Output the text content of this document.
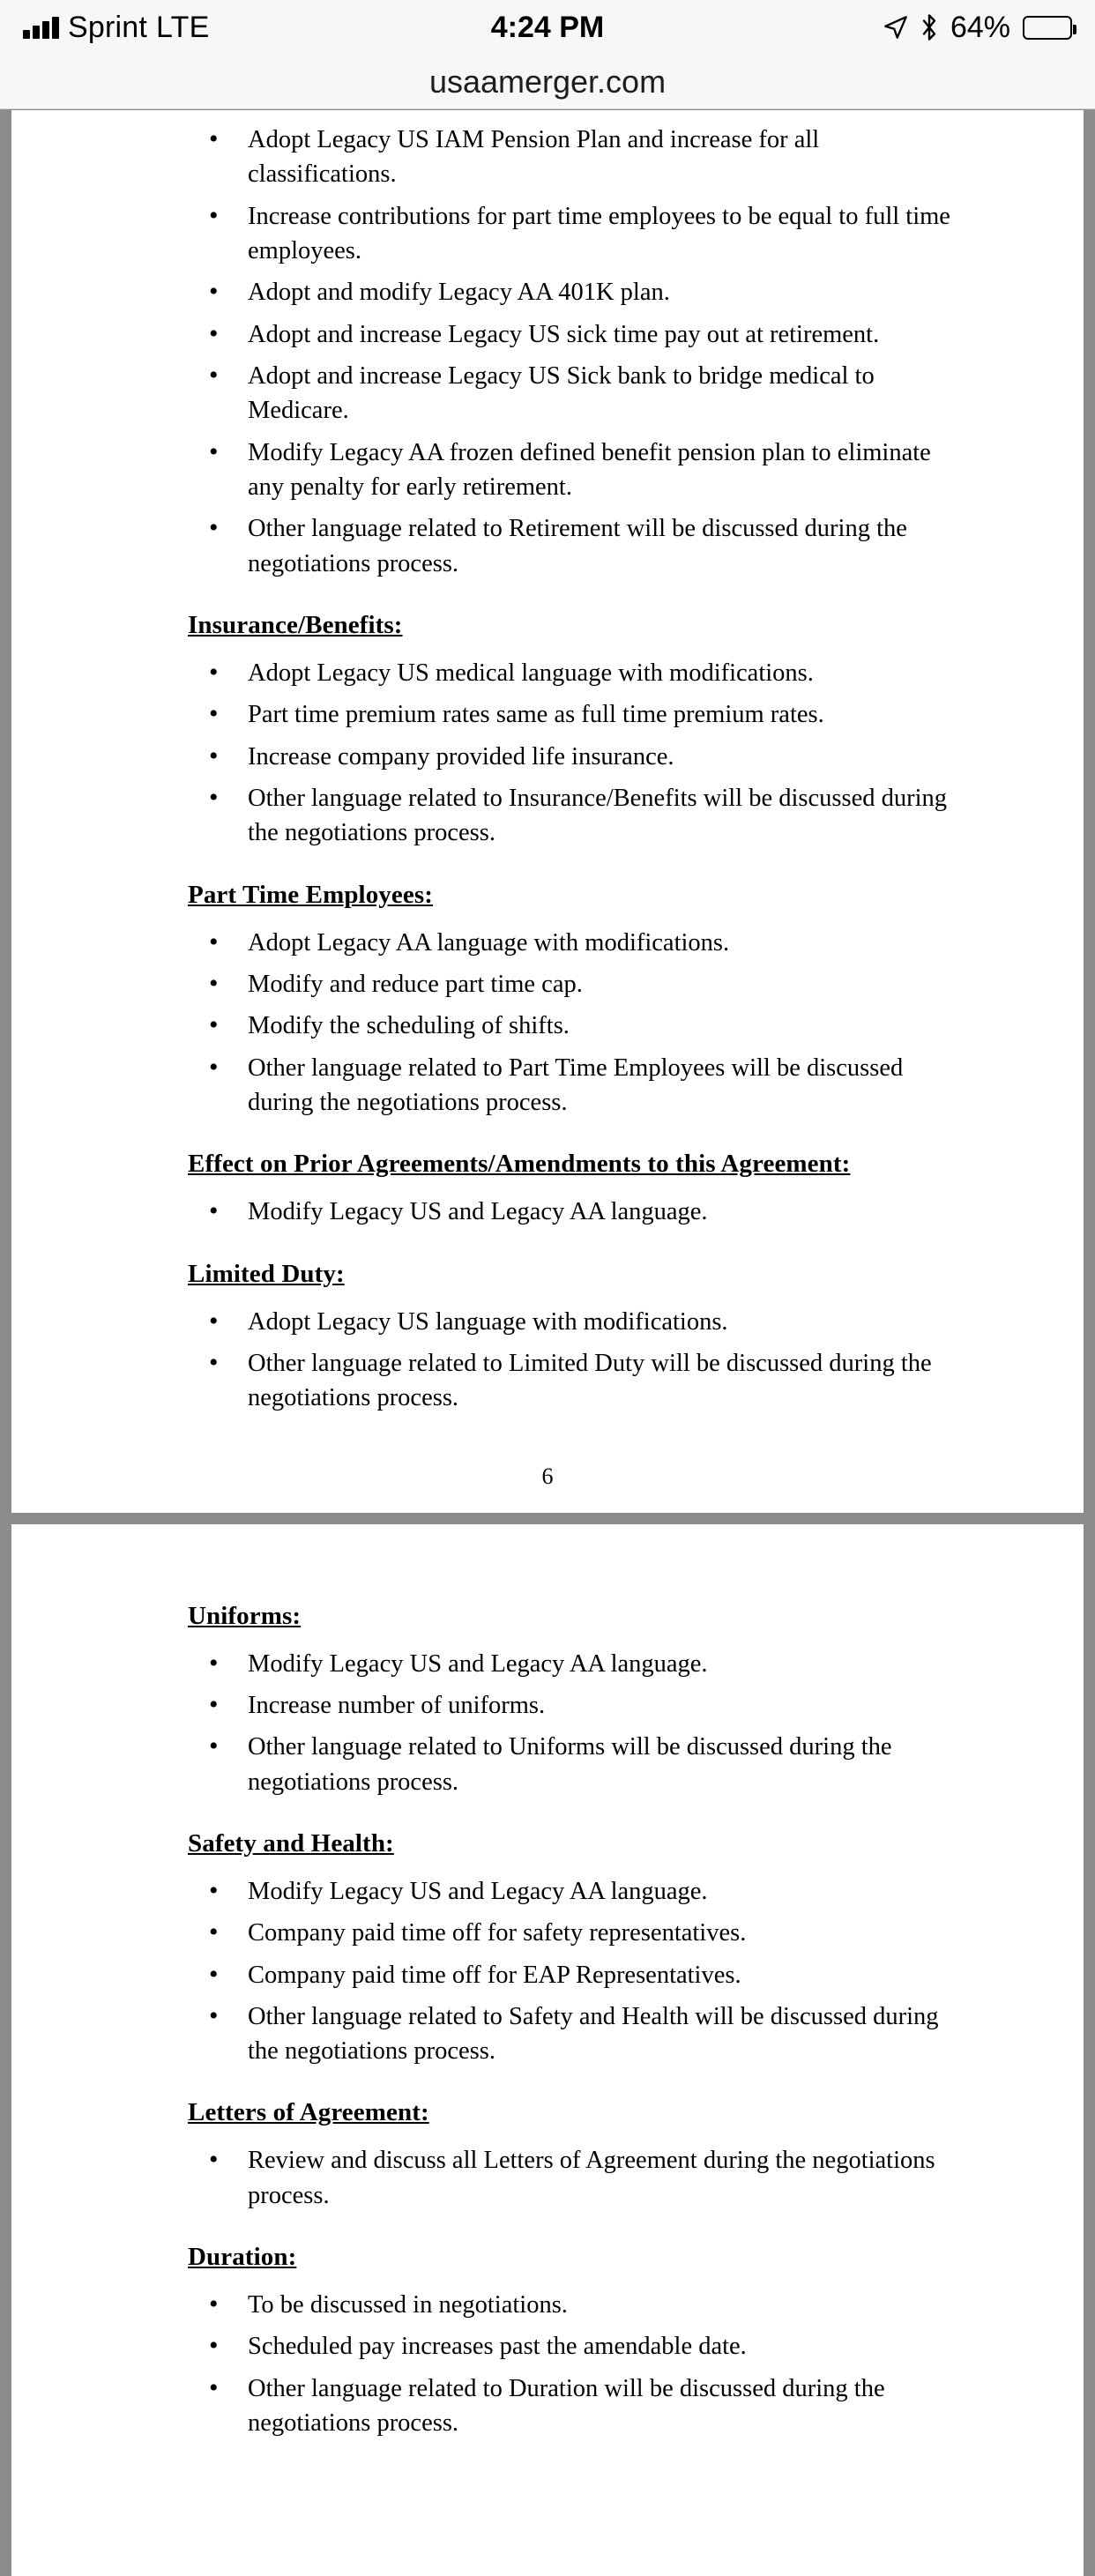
Sprint LTE	4:24 PM	64%
usaamerger.com
• Adopt Legacy US IAM Pension Plan and increase for all classifications.
• Increase contributions for part time employees to be equal to full time employees.
• Adopt and modify Legacy AA 401K plan.
• Adopt and increase Legacy US sick time pay out at retirement.
• Adopt and increase Legacy US Sick bank to bridge medical to Medicare.
• Modify Legacy AA frozen defined benefit pension plan to eliminate any penalty for early retirement.
• Other language related to Retirement will be discussed during the negotiations process.
Insurance/Benefits:
• Adopt Legacy US medical language with modifications.
• Part time premium rates same as full time premium rates.
• Increase company provided life insurance.
• Other language related to Insurance/Benefits will be discussed during the negotiations process.
Part Time Employees:
• Adopt Legacy AA language with modifications.
• Modify and reduce part time cap.
• Modify the scheduling of shifts.
• Other language related to Part Time Employees will be discussed during the negotiations process.
Effect on Prior Agreements/Amendments to this Agreement:
• Modify Legacy US and Legacy AA language.
Limited Duty:
• Adopt Legacy US language with modifications.
• Other language related to Limited Duty will be discussed during the negotiations process.
6
Uniforms:
• Modify Legacy US and Legacy AA language.
• Increase number of uniforms.
• Other language related to Uniforms will be discussed during the negotiations process.
Safety and Health:
• Modify Legacy US and Legacy AA language.
• Company paid time off for safety representatives.
• Company paid time off for EAP Representatives.
• Other language related to Safety and Health will be discussed during the negotiations process.
Letters of Agreement:
• Review and discuss all Letters of Agreement during the negotiations process.
Duration:
• To be discussed in negotiations.
• Scheduled pay increases past the amendable date.
• Other language related to Duration will be discussed during the negotiations process.
